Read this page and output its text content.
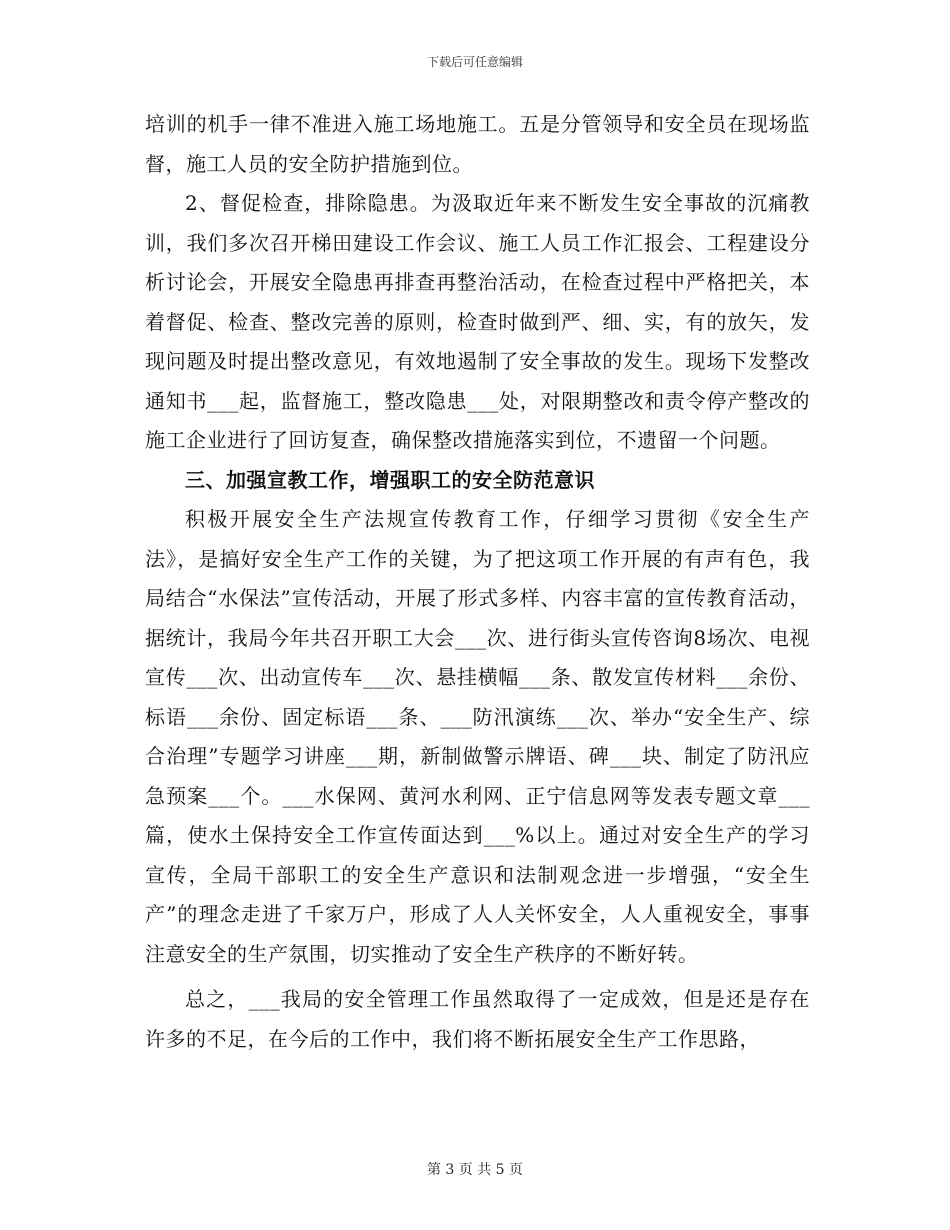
下载后可任意编辑

培训的机手一律不准进入施工场地施工。五是分管领导和安全员在现场监督，施工人员的安全防护措施到位。

2、督促检查，排除隐患。为汲取近年来不断发生安全事故的沉痛教训，我们多次召开梯田建设工作会议、施工人员工作汇报会、工程建设分析讨论会，开展安全隐患再排查再整治活动，在检查过程中严格把关，本着督促、检查、整改完善的原则，检查时做到严、细、实，有的放矢，发现问题及时提出整改意见，有效地遏制了安全事故的发生。现场下发整改通知书___起，监督施工，整改隐患___处，对限期整改和责令停产整改的施工企业进行了回访复查，确保整改措施落实到位，不遗留一个问题。

三、加强宣教工作，增强职工的安全防范意识

积极开展安全生产法规宣传教育工作，仔细学习贯彻《安全生产法》，是搞好安全生产工作的关键，为了把这项工作开展的有声有色，我局结合“水保法”宣传活动，开展了形式多样、内容丰富的宣传教育活动，据统计，我局今年共召开职工大会___次、进行街头宣传咨询8场次、电视宣传___次、出动宣传车___次、悬挂横幅___条、散发宣传材料___余份、标语___余份、固定标语___条、___防汛演练___次、举办“安全生产、综合治理”专题学习讲座___期，新制做警示牌语、碑___块、制定了防汛应急预案___个。___水保网、黄河水利网、正宁信息网等发表专题文章___篇，使水土保持安全工作宣传面达到___%以上。通过对安全生产的学习宣传，全局干部职工的安全生产意识和法制观念进一步增强，“安全生产”的理念走进了千家万户，形成了人人关怀安全，人人重视安全，事事注意安全的生产氛围，切实推动了安全生产秩序的不断好转。

总之，___我局的安全管理工作虽然取得了一定成效，但是还是存在许多的不足，在今后的工作中，我们将不断拓展安全生产工作思路，

第 3 页 共 5 页
